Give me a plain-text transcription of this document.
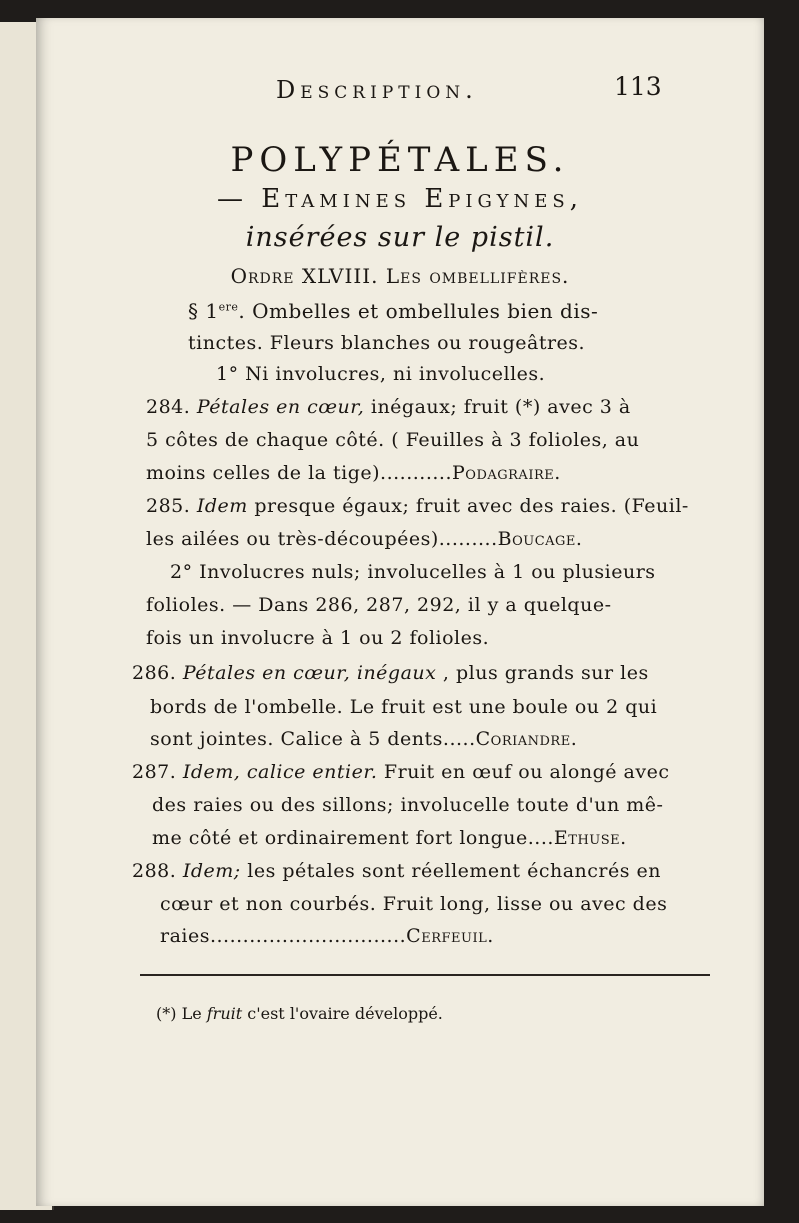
Description.	113
POLYPÉTALES.
— Etamines Epigynes,
insérées sur le pistil.
Ordre XLVIII. Les ombellifères.
§ 1ere. Ombelles et ombellules bien dis-
tinctes. Fleurs blanches ou rougeâtres.
1° Ni involucres, ni involucelles.
284. Pétales en cœur, inégaux; fruit (*) avec 3 à
5 côtes de chaque côté. ( Feuilles à 3 folioles, au
moins celles de la tige)...........Podagraire.
285. Idem presque égaux; fruit avec des raies. (Feuil-
les ailées ou très-découpées).........Boucage.
2° Involucres nuls; involucelles à 1 ou plusieurs
folioles. — Dans 286, 287, 292, il y a quelque-
fois un involucre à 1 ou 2 folioles.
286. Pétales en cœur, inégaux , plus grands sur les
bords de l'ombelle. Le fruit est une boule ou 2 qui
sont jointes. Calice à 5 dents.....Coriandre.
287. Idem, calice entier. Fruit en œuf ou alongé avec
des raies ou des sillons; involucelle toute d'un mê-
me côté et ordinairement fort longue....Ethuse.
288. Idem; les pétales sont réellement échancrés en
cœur et non courbés. Fruit long, lisse ou avec des
raies..............................Cerfeuil.
(*) Le fruit c'est l'ovaire développé.
